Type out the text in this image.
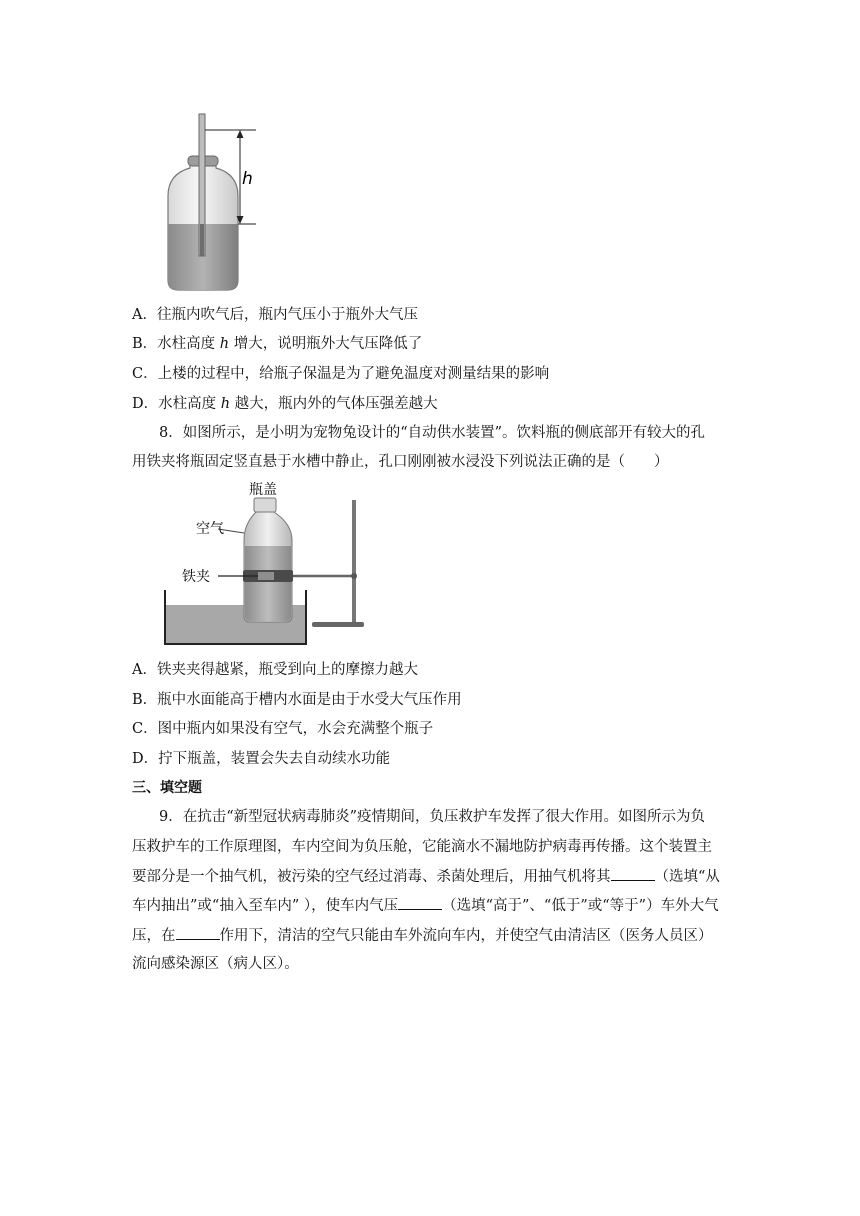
h
A．往瓶内吹气后，瓶内气压小于瓶外大气压
B．水柱高度 h 增大，说明瓶外大气压降低了
C．上楼的过程中，给瓶子保温是为了避免温度对测量结果的影响
D．水柱高度 h 越大，瓶内外的气体压强差越大
8．如图所示，是小明为宠物兔设计的“自动供水装置”。饮料瓶的侧底部开有较大的孔
用铁夹将瓶固定竖直悬于水槽中静止，孔口刚刚被水浸没下列说法正确的是（　　）
瓶盖
空气
铁夹
A．铁夹夹得越紧，瓶受到向上的摩擦力越大
B．瓶中水面能高于槽内水面是由于水受大气压作用
C．图中瓶内如果没有空气，水会充满整个瓶子
D．拧下瓶盖，装置会失去自动续水功能
三、填空题
9．在抗击“新型冠状病毒肺炎”疫情期间，负压救护车发挥了很大作用。如图所示为负
压救护车的工作原理图，车内空间为负压舱，它能滴水不漏地防护病毒再传播。这个装置主
要部分是一个抽气机，被污染的空气经过消毒、杀菌处理后，用抽气机将其	（选填“从
车内抽出”或“抽入至车内” ），使车内气压	（选填“高于”、“低于”或“等于”）车外大气
压，在	作用下，清洁的空气只能由车外流向车内，并使空气由清洁区（医务人员区）
流向感染源区（病人区）。
